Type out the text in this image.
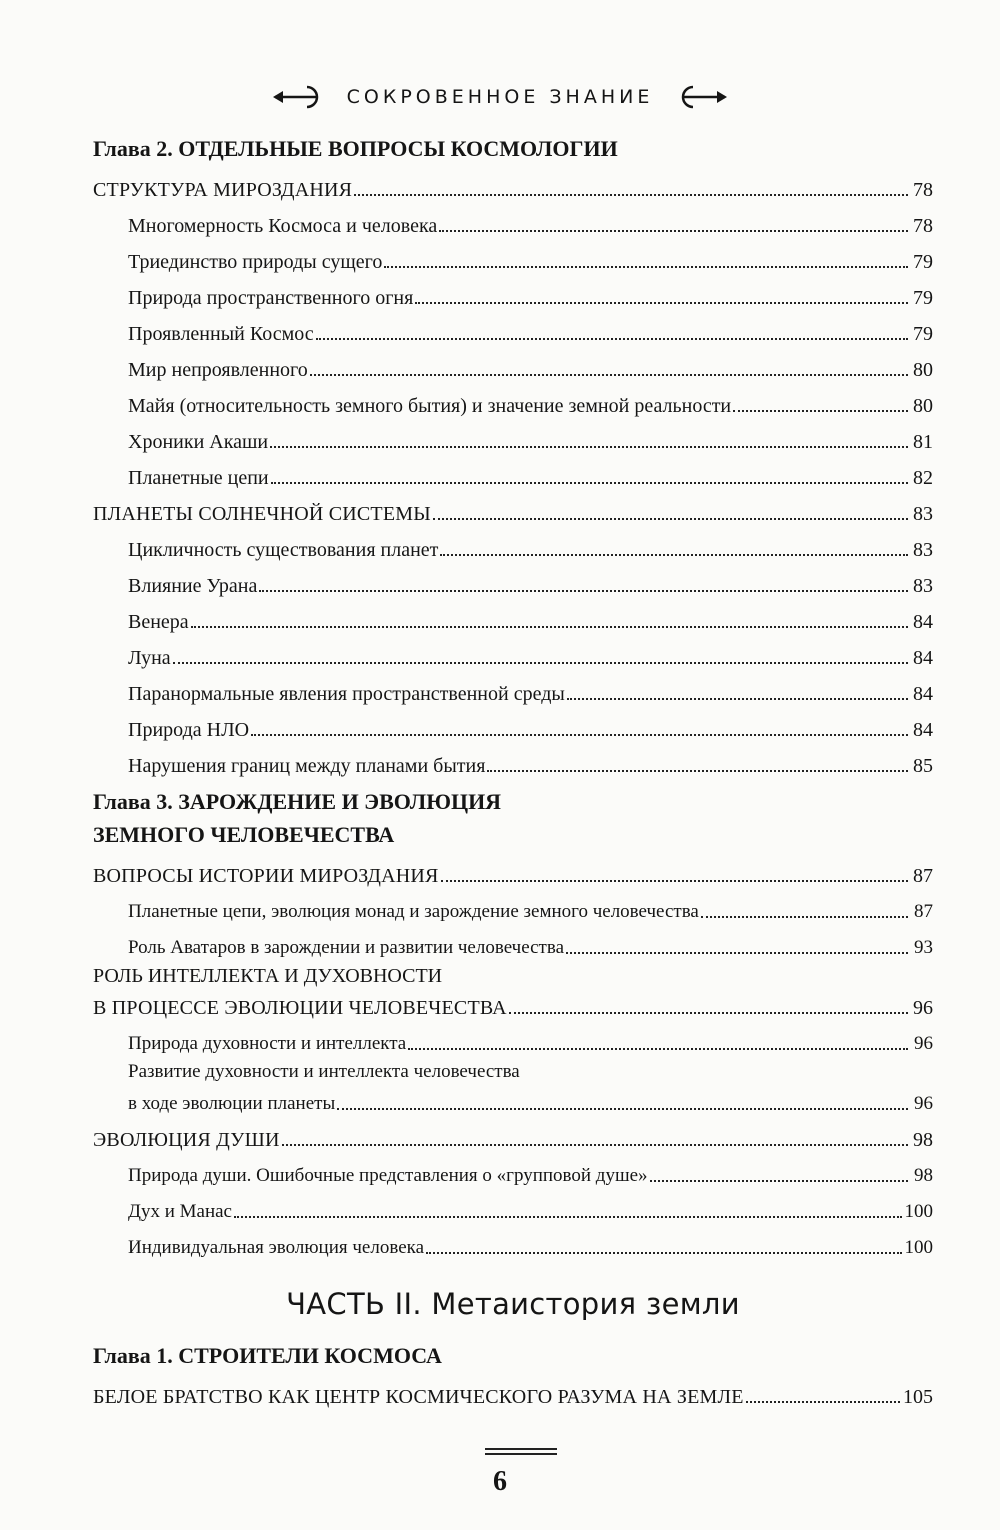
СОКРОВЕННОЕ ЗНАНИЕ
Глава 2. ОТДЕЛЬНЫЕ ВОПРОСЫ КОСМОЛОГИИ
СТРУКТУРА МИРОЗДАНИЯ	78
Многомерность Космоса и человека	78
Триединство природы сущего	79
Природа пространственного огня	79
Проявленный Космос	79
Мир непроявленного	80
Майя (относительность земного бытия) и значение земной реальности	80
Хроники Акаши	81
Планетные цепи	82
ПЛАНЕТЫ СОЛНЕЧНОЙ СИСТЕМЫ	83
Цикличность существования планет	83
Влияние Урана	83
Венера	84
Луна	84
Паранормальные явления пространственной среды	84
Природа НЛО	84
Нарушения границ между планами бытия	85
Глава 3. ЗАРОЖДЕНИЕ И ЭВОЛЮЦИЯ
ЗЕМНОГО ЧЕЛОВЕЧЕСТВА
ВОПРОСЫ ИСТОРИИ МИРОЗДАНИЯ	87
Планетные цепи, эволюция монад и зарождение земного человечества	87
Роль Аватаров в зарождении и развитии человечества	93
РОЛЬ ИНТЕЛЛЕКТА И ДУХОВНОСТИ
В ПРОЦЕССЕ ЭВОЛЮЦИИ ЧЕЛОВЕЧЕСТВА	96
Природа духовности и интеллекта	96
Развитие духовности и интеллекта человечества
в ходе эволюции планеты	96
ЭВОЛЮЦИЯ ДУШИ	98
Природа души. Ошибочные представления о «групповой душе»	98
Дух и Манас	100
Индивидуальная эволюция человека	100
ЧАСТЬ II. Метаистория земли
Глава 1. СТРОИТЕЛИ КОСМОСА
БЕЛОЕ БРАТСТВО КАК ЦЕНТР КОСМИЧЕСКОГО РАЗУМА НА ЗЕМЛЕ	105
6
